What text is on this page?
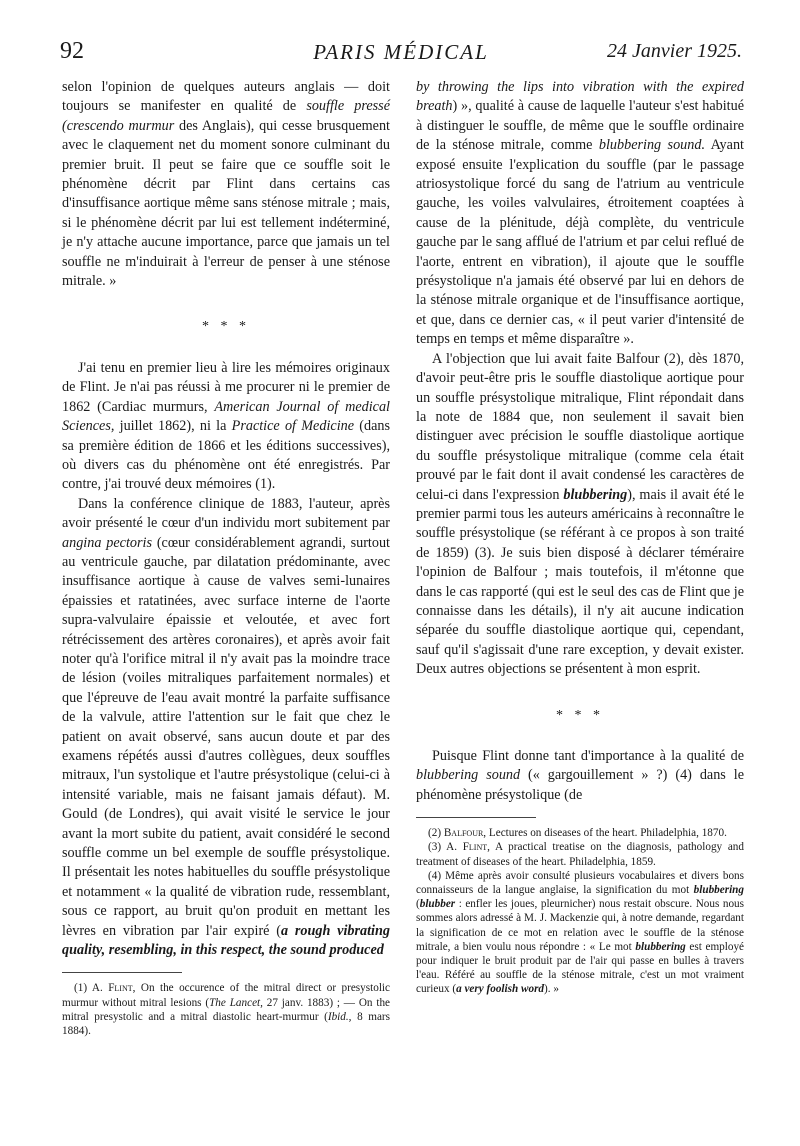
92	PARIS MÉDICAL	24 Janvier 1925.

selon l'opinion de quelques auteurs anglais — doit toujours se manifester en qualité de souffle pressé (crescendo murmur des Anglais), qui cesse brusquement avec le claquement net du moment sonore culminant du premier bruit. Il peut se faire que ce souffle soit le phénomène décrit par Flint dans certains cas d'insuffisance aortique même sans sténose mitrale ; mais, si le phénomène décrit par lui est tellement indéterminé, je n'y attache aucune importance, parce que jamais un tel souffle ne m'induirait à l'erreur de penser à une sténose mitrale. »

* * *

J'ai tenu en premier lieu à lire les mémoires originaux de Flint. Je n'ai pas réussi à me procurer ni le premier de 1862 (Cardiac murmurs, American Journal of medical Sciences, juillet 1862), ni la Practice of Medicine (dans sa première édition de 1866 et les éditions successives), où divers cas du phénomène ont été enregistrés. Par contre, j'ai trouvé deux mémoires (1).

Dans la conférence clinique de 1883, l'auteur, après avoir présenté le cœur d'un individu mort subitement par angina pectoris (cœur considérablement agrandi, surtout au ventricule gauche, par dilatation prédominante, avec insuffisance aortique à cause de valves semi-lunaires épaissies et ratatinées, avec surface interne de l'aorte supra-valvulaire épaissie et veloutée, et avec fort rétrécissement des artères coronaires), et après avoir fait noter qu'à l'orifice mitral il n'y avait pas la moindre trace de lésion (voiles mitraliques parfaitement normales) et que l'épreuve de l'eau avait montré la parfaite suffisance de la valvule, attire l'attention sur le fait que chez le patient on avait observé, sans aucun doute et par des examens répétés aussi d'autres collègues, deux souffles mitraux, l'un systolique et l'autre présystolique (celui-ci à intensité variable, mais ne faisant jamais défaut). M. Gould (de Londres), qui avait visité le service le jour avant la mort subite du patient, avait considéré le second souffle comme un bel exemple de souffle présystolique. Il présentait les notes habituelles du souffle présystolique et notamment « la qualité de vibration rude, ressemblant, sous ce rapport, au bruit qu'on produit en mettant les lèvres en vibration par l'air expiré (a rough vibrating quality, resembling, in this respect, the sound produced

(1) A. Flint, On the occurence of the mitral direct or presystolic murmur without mitral lesions (The Lancet, 27 janv. 1883) ; — On the mitral presystolic and a mitral diastolic heart-murmur (Ibid., 8 mars 1884).

by throwing the lips into vibration with the expired breath) », qualité à cause de laquelle l'auteur s'est habitué à distinguer le souffle, de même que le souffle ordinaire de la sténose mitrale, comme blubbering sound. Ayant exposé ensuite l'explication du souffle (par le passage atriosystolique forcé du sang de l'atrium au ventricule gauche, les voiles valvulaires, étroitement coaptées à cause de la plénitude, déjà complète, du ventricule gauche par le sang afflué de l'atrium et par celui reflué de l'aorte, entrent en vibration), il ajoute que le souffle présystolique n'a jamais été observé par lui en dehors de la sténose mitrale organique et de l'insuffisance aortique, et que, dans ce dernier cas, « il peut varier d'intensité de temps en temps et même disparaître ».

A l'objection que lui avait faite Balfour (2), dès 1870, d'avoir peut-être pris le souffle diastolique aortique pour un souffle présystolique mitralique, Flint répondait dans la note de 1884 que, non seulement il savait bien distinguer avec précision le souffle diastolique aortique du souffle présystolique mitralique (comme cela était prouvé par le fait dont il avait condensé les caractères de celui-ci dans l'expression blubbering), mais il avait été le premier parmi tous les auteurs américains à reconnaître le souffle présystolique (se référant à ce propos à son traité de 1859) (3). Je suis bien disposé à déclarer téméraire l'opinion de Balfour ; mais toutefois, il m'étonne que dans le cas rapporté (qui est le seul des cas de Flint que je connaisse dans les détails), il n'y ait aucune indication séparée du souffle diastolique aortique qui, cependant, sauf qu'il s'agissait d'une rare exception, y devait exister. Deux autres objections se présentent à mon esprit.

* * *

Puisque Flint donne tant d'importance à la qualité de blubbering sound (« gargouillement » ?) (4) dans le phénomène présystolique (de

(2) Balfour, Lectures on diseases of the heart. Philadelphia, 1870.

(3) A. Flint, A practical treatise on the diagnosis, pathology and treatment of diseases of the heart. Philadelphia, 1859.

(4) Même après avoir consulté plusieurs vocabulaires et divers bons connaisseurs de la langue anglaise, la signification du mot blubbering (blubber : enfler les joues, pleurnicher) nous restait obscure. Nous nous sommes alors adressé à M. J. Mackenzie qui, à notre demande, regardant la signification de ce mot en relation avec le souffle de la sténose mitrale, a bien voulu nous répondre : « Le mot blubbering est employé pour indiquer le bruit produit par de l'air qui passe en bulles à travers l'eau. Référé au souffle de la sténose mitrale, c'est un mot vraiment curieux (a very foolish word). »
